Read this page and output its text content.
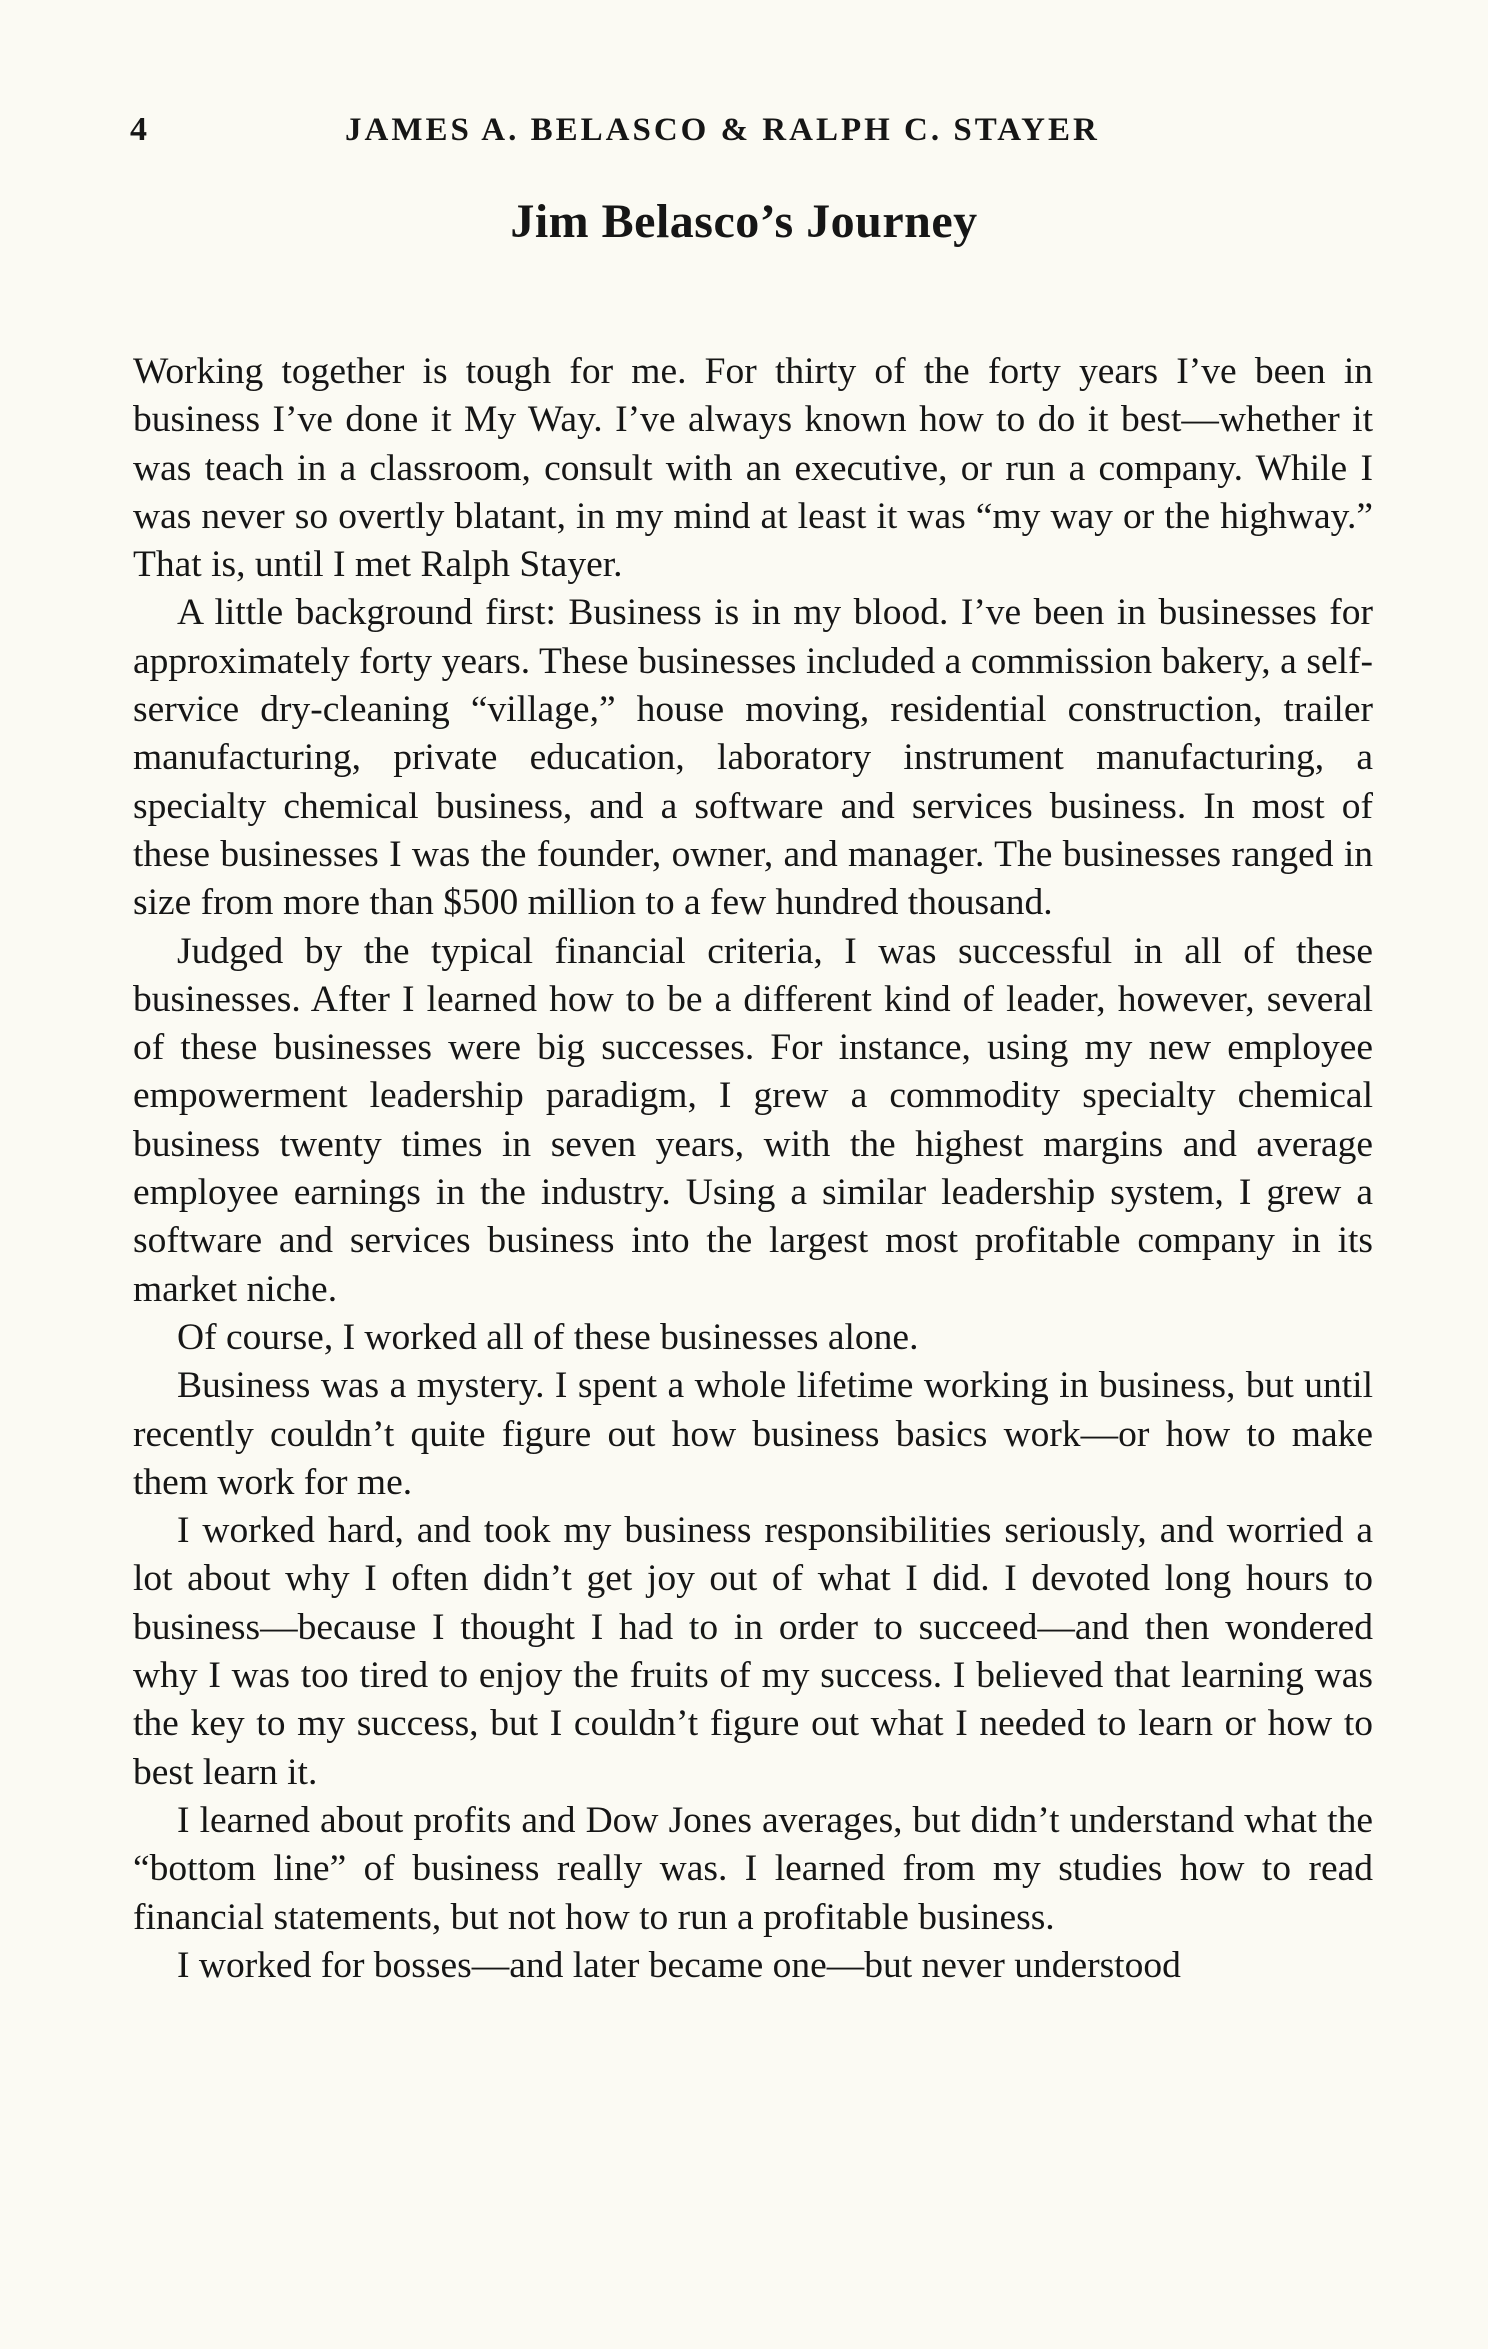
4	JAMES A. BELASCO & RALPH C. STAYER
Jim Belasco’s Journey

Working together is tough for me. For thirty of the forty years I’ve been in business I’ve done it My Way. I’ve always known how to do it best—whether it was teach in a classroom, consult with an executive, or run a company. While I was never so overtly blatant, in my mind at least it was “my way or the highway.” That is, until I met Ralph Stayer.

A little background first: Business is in my blood. I’ve been in businesses for approximately forty years. These businesses included a commission bakery, a self-service dry-cleaning “village,” house moving, residential construction, trailer manufacturing, private education, laboratory instrument manufacturing, a specialty chemical business, and a software and services business. In most of these businesses I was the founder, owner, and manager. The businesses ranged in size from more than $500 million to a few hundred thousand.

Judged by the typical financial criteria, I was successful in all of these businesses. After I learned how to be a different kind of leader, however, several of these businesses were big successes. For instance, using my new employee empowerment leadership paradigm, I grew a commodity specialty chemical business twenty times in seven years, with the highest margins and average employee earnings in the industry. Using a similar leadership system, I grew a software and services business into the largest most profitable company in its market niche.

Of course, I worked all of these businesses alone.

Business was a mystery. I spent a whole lifetime working in business, but until recently couldn’t quite figure out how business basics work—or how to make them work for me.

I worked hard, and took my business responsibilities seriously, and worried a lot about why I often didn’t get joy out of what I did. I devoted long hours to business—because I thought I had to in order to succeed—and then wondered why I was too tired to enjoy the fruits of my success. I believed that learning was the key to my success, but I couldn’t figure out what I needed to learn or how to best learn it.

I learned about profits and Dow Jones averages, but didn’t understand what the “bottom line” of business really was. I learned from my studies how to read financial statements, but not how to run a profitable business.

I worked for bosses—and later became one—but never understood
